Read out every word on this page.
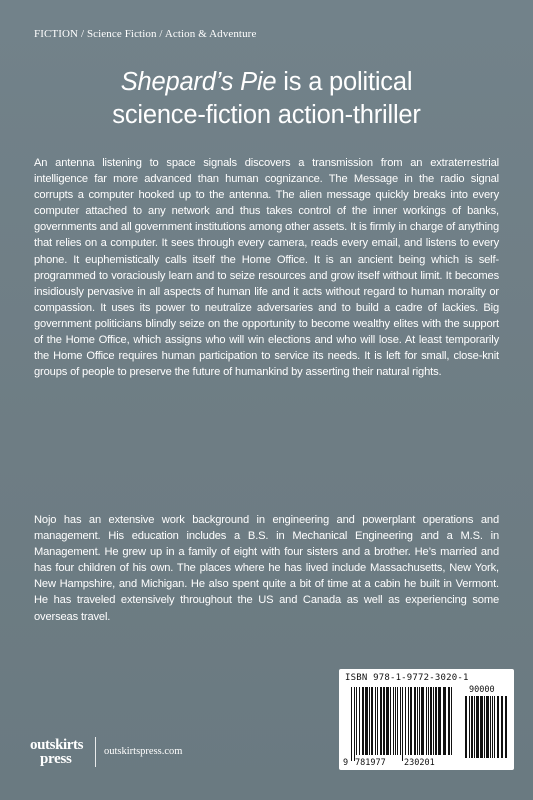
FICTION / Science Fiction / Action & Adventure
Shepard’s Pie is a political
science-fiction action-thriller

An antenna listening to space signals discovers a transmission from an extraterrestrial intelligence far more advanced than human cognizance. The Message in the radio signal corrupts a computer hooked up to the antenna. The alien message quickly breaks into every computer attached to any network and thus takes control of the inner workings of banks, governments and all government institutions among other assets. It is firmly in charge of anything that relies on a computer. It sees through every camera, reads every email, and listens to every phone. It euphemistically calls itself the Home Office. It is an ancient being which is self-programmed to voraciously learn and to seize resources and grow itself without limit. It becomes insidiously pervasive in all aspects of human life and it acts without regard to human morality or compassion. It uses its power to neutralize adversaries and to build a cadre of lackies. Big government politicians blindly seize on the opportunity to become wealthy elites with the support of the Home Office, which assigns who will win elections and who will lose. At least temporarily the Home Office requires human participation to service its needs. It is left for small, close-knit groups of people to preserve the future of humankind by asserting their natural rights.

Nojo has an extensive work background in engineering and powerplant operations and management. His education includes a B.S. in Mechanical Engineering and a M.S. in Management. He grew up in a family of eight with four sisters and a brother. He’s married and has four children of his own. The places where he has lived include Massachusetts, New York, New Hampshire, and Michigan. He also spent quite a bit of time at a cabin he built in Vermont. He has traveled extensively throughout the US and Canada as well as experiencing some overseas travel.

ISBN 978-1-9772-3020-1
9 781977 230201
90000
outskirts
press	outskirtspress.com
